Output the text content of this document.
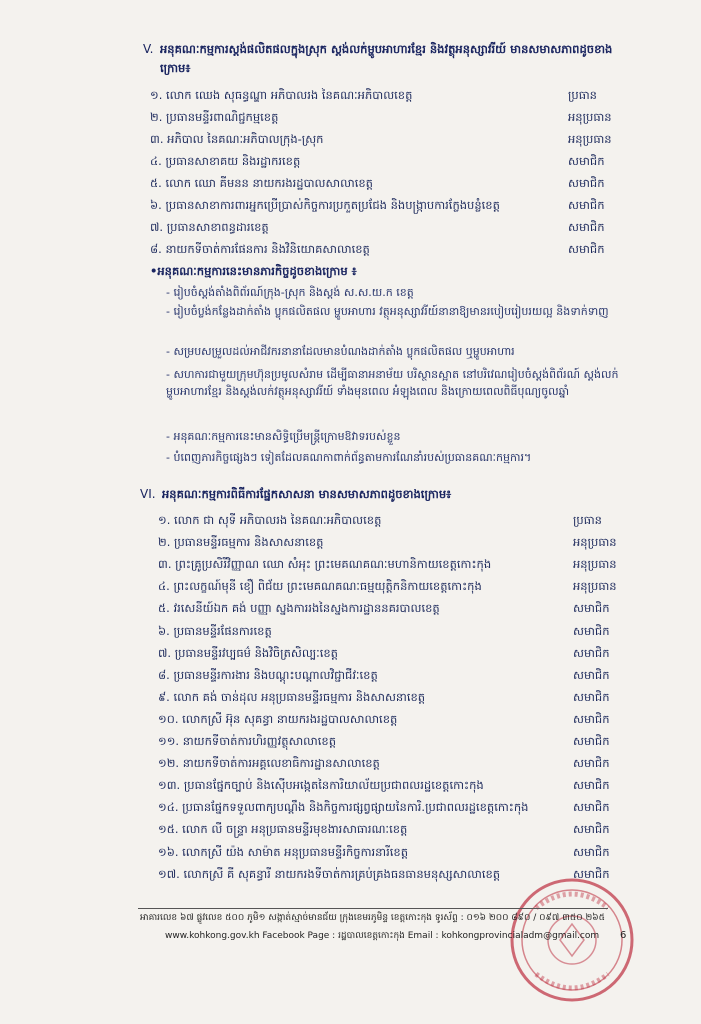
V. អនុគណៈកម្មការស្តង់ផលិតផលក្នុងស្រុក ស្តង់លក់ម្ហូបអាហារខ្មែរ និងវត្ថុអនុស្សាវរីយ៍ មានសមាសភាពដូចខាងក្រោម៖
១. លោក ឈេង សុធន្ធណ្ឌា អភិបាលរង នៃគណៈអភិបាលខេត្ត	ប្រធាន
២. ប្រធានមន្ទីរពាណិជ្ជកម្មខេត្ត	អនុប្រធាន
៣. អភិបាល នៃគណៈអភិបាលក្រុង-ស្រុក	អនុប្រធាន
៤. ប្រធានសាខាគយ និងរដ្ឋាករខេត្ត	សមាជិក
៥. លោក ឈោ គីមនន នាយករងរដ្ឋបាលសាលាខេត្ត	សមាជិក
៦. ប្រធានសាខាការពារអ្នកប្រើប្រាស់កិច្ចការប្រកួតប្រជែង និងបង្ក្រាបការក្លែងបន្លំខេត្ត	សមាជិក
៧. ប្រធានសាខាពន្ធដារខេត្ត	សមាជិក
៨. នាយកទីចាត់ការផែនការ និងវិនិយោគសាលាខេត្ត	សមាជិក
•អនុគណៈកម្មការនេះមានភារកិច្ចដូចខាងក្រោម ៖
- រៀបចំស្តង់តាំងពិព័រណ៍ក្រុង-ស្រុក និងស្តង់ ស.ស.យ.ក ខេត្ត
- រៀបចំប្លង់កន្លែងដាក់តាំង ប្លុកផលិតផល ម្ហូបអាហារ វត្ថុអនុស្សាវរីយ៍នានាឱ្យមានរបៀបរៀបរយល្អ និងទាក់ទាញ
- សម្របសម្រួលដល់អាជីវករនានាដែលមានបំណងដាក់តាំង ប្លុកផលិតផល ឬម្ហូបអាហារ
- សហការជាមួយក្រុមហ៊ុនប្រមូលសំរាម ដើម្បីធានាអនាម័យ បរិស្ថានស្អាត នៅបរិវេណរៀបចំស្តង់ពិព័រណ៍ ស្តង់លក់ម្ហូបអាហារខ្មែរ និងស្តង់លក់វត្ថុអនុស្សាវរីយ៍ ទាំងមុនពេល អំឡុងពេល និងក្រោយពេលពិធីបុណ្យចូលឆ្នាំ
- អនុគណៈកម្មការនេះមានសិទ្ធិប្រើមន្ត្រីក្រោមឱវាទរបស់ខ្លួន
- បំពេញភារកិច្ចផ្សេងៗ ទៀតដែលគណកាពាក់ព័ន្ធតាមការណែនាំរបស់ប្រធានគណៈកម្មការ។
VI. អនុគណៈកម្មការពិធីការផ្នែកសាសនា មានសមាសភាពដូចខាងក្រោម៖
១. លោក ជា សុទី អភិបាលរង នៃគណៈអភិបាលខេត្ត	ប្រធាន
២. ប្រធានមន្ទីរធម្មការ និងសាសនាខេត្ត	អនុប្រធាន
៣. ព្រះគ្រូប្រសិរីវិញ្ញាណ ឈោ សំអុះ ព្រះមេគណគណៈមហានិកាយខេត្តកោះកុង	អនុប្រធាន
៤. ព្រះលក្ខណ៍មុនី ខឿ ពិជ័យ ព្រះមេគណគណៈធម្មយុត្តិកនិកាយខេត្តកោះកុង	អនុប្រធាន
៥. វរសេនីយ៍ឯក គង់ បញ្ញា ស្នងការរងនៃស្នងការដ្ឋាននគរបាលខេត្ត	សមាជិក
៦. ប្រធានមន្ទីរផែនការខេត្ត	សមាជិក
៧. ប្រធានមន្ទីរវប្បធម៌ និងវិចិត្រសិល្បៈខេត្ត	សមាជិក
៨. ប្រធានមន្ទីរការងារ និងបណ្តុះបណ្តាលវិជ្ជាជីវៈខេត្ត	សមាជិក
៩. លោក គង់ ចាន់ដុល អនុប្រធានមន្ទីរធម្មការ និងសាសនាខេត្ត	សមាជិក
១០. លោកស្រី អ៊ុន សុគន្ធា នាយករងរដ្ឋបាលសាលាខេត្ត	សមាជិក
១១. នាយកទីចាត់ការហិរញ្ញវត្ថុសាលាខេត្ត	សមាជិក
១២. នាយកទីចាត់ការអគ្គលេខាធិការដ្ឋានសាលាខេត្ត	សមាជិក
១៣. ប្រធានផ្នែកច្បាប់ និងស៊ើបអង្កេតនៃការិយាល័យប្រជាពលរដ្ឋខេត្តកោះកុង	សមាជិក
១៤. ប្រធានផ្នែកទទួលពាក្យបណ្តឹង និងកិច្ចការផ្សព្វផ្សាយនៃការិ.ប្រជាពលរដ្ឋខេត្តកោះកុង	សមាជិក
១៥. លោក លី ចន្ទ្រា អនុប្រធានមន្ទីរមុខងារសាធារណៈខេត្ត	សមាជិក
១៦. លោកស្រី យ៉ង សាម៉ាត អនុប្រធានមន្ទីរកិច្ចការនារីខេត្ត	សមាជិក
១៧. លោកស្រី គី សុគន្ធារី នាយករងទីចាត់ការគ្រប់គ្រងធនធានមនុស្សសាលាខេត្ត	សមាជិក
អាគារលេខ ៦៧ ផ្លូវលេខ ៥០០ ភូមិ១ សង្កាត់ស្មាច់មានជ័យ ក្រុងខេមរភូមិន្ទ ខេត្តកោះកុង ទូរស័ព្ទ : ០១៦ ២០០ ៨៩០ / ០៩៧ ៣៥០ ២៦៥
www.kohkong.gov.kh Facebook Page : រដ្ឋបាលខេត្តកោះកុង Email : kohkongprovincialadm@gmail.com 6
